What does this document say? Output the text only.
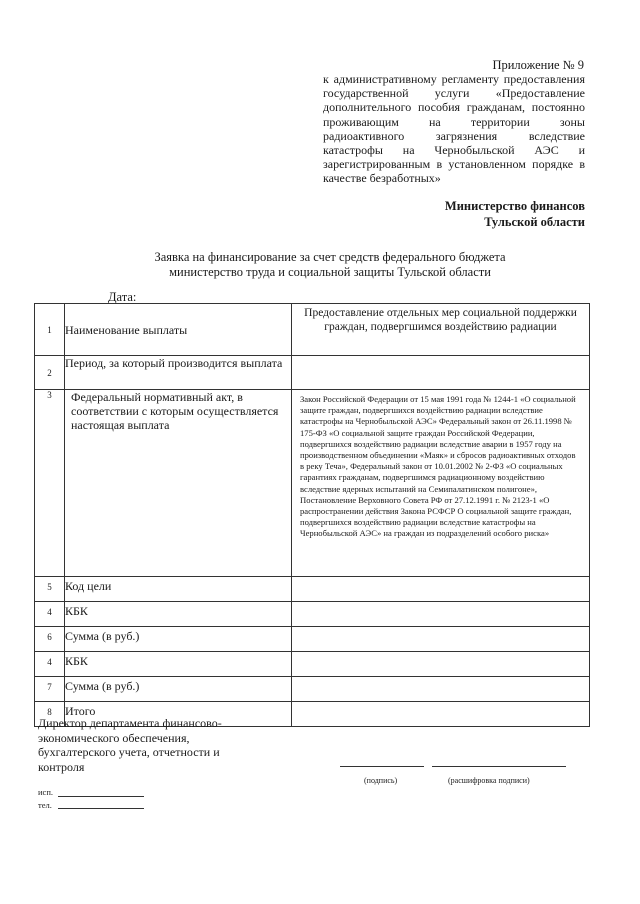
Приложение № 9
к административному регламенту предоставления государственной услуги «Предоставление дополнительного пособия гражданам, постоянно проживающим на территории зоны радиоактивного загрязнения вследствие катастрофы на Чернобыльской АЭС и зарегистрированным в установленном порядке в качестве безработных»
Министерство финансов
Тульской области
Заявка на финансирование за счет средств федерального бюджета
министерство труда и социальной защиты Тульской области
Дата:
1	Наименование выплаты	Предоставление отдельных мер социальной поддержки граждан, подвергшимся воздействию радиации
2	Период, за который производится выплата	
3	Федеральный нормативный акт, в соответствии с которым осуществляется настоящая выплата	Закон Российской Федерации от 15 мая 1991 года № 1244-1 «О социальной защите граждан, подвергшихся воздействию радиации вследствие катастрофы на Чернобыльской АЭС» Федеральный закон от 26.11.1998 № 175-ФЗ «О социальной защите граждан Российской Федерации, подвергшихся воздействию радиации вследствие аварии в 1957 году на производственном объединении «Маяк» и сбросов радиоактивных отходов в реку Теча», Федеральный закон от 10.01.2002 № 2-ФЗ «О социальных гарантиях гражданам, подвергшимся радиационному воздействию вследствие ядерных испытаний на Семипалатинском полигоне», Постановление Верховного Совета РФ от 27.12.1991 г. № 2123-1 «О распространении действия Закона РСФСР О социальной защите граждан, подвергшихся воздействию радиации вследствие катастрофы на Чернобыльской АЭС» на граждан из подразделений особого риска»
5	Код цели	
4	КБК	
6	Сумма (в руб.)	
4	КБК	
7	Сумма (в руб.)	
8	Итого	
Директор департамента финансово-экономического обеспечения, бухгалтерского учета, отчетности и контроля
(подпись)	(расшифровка подписи)
исп.
тел.
